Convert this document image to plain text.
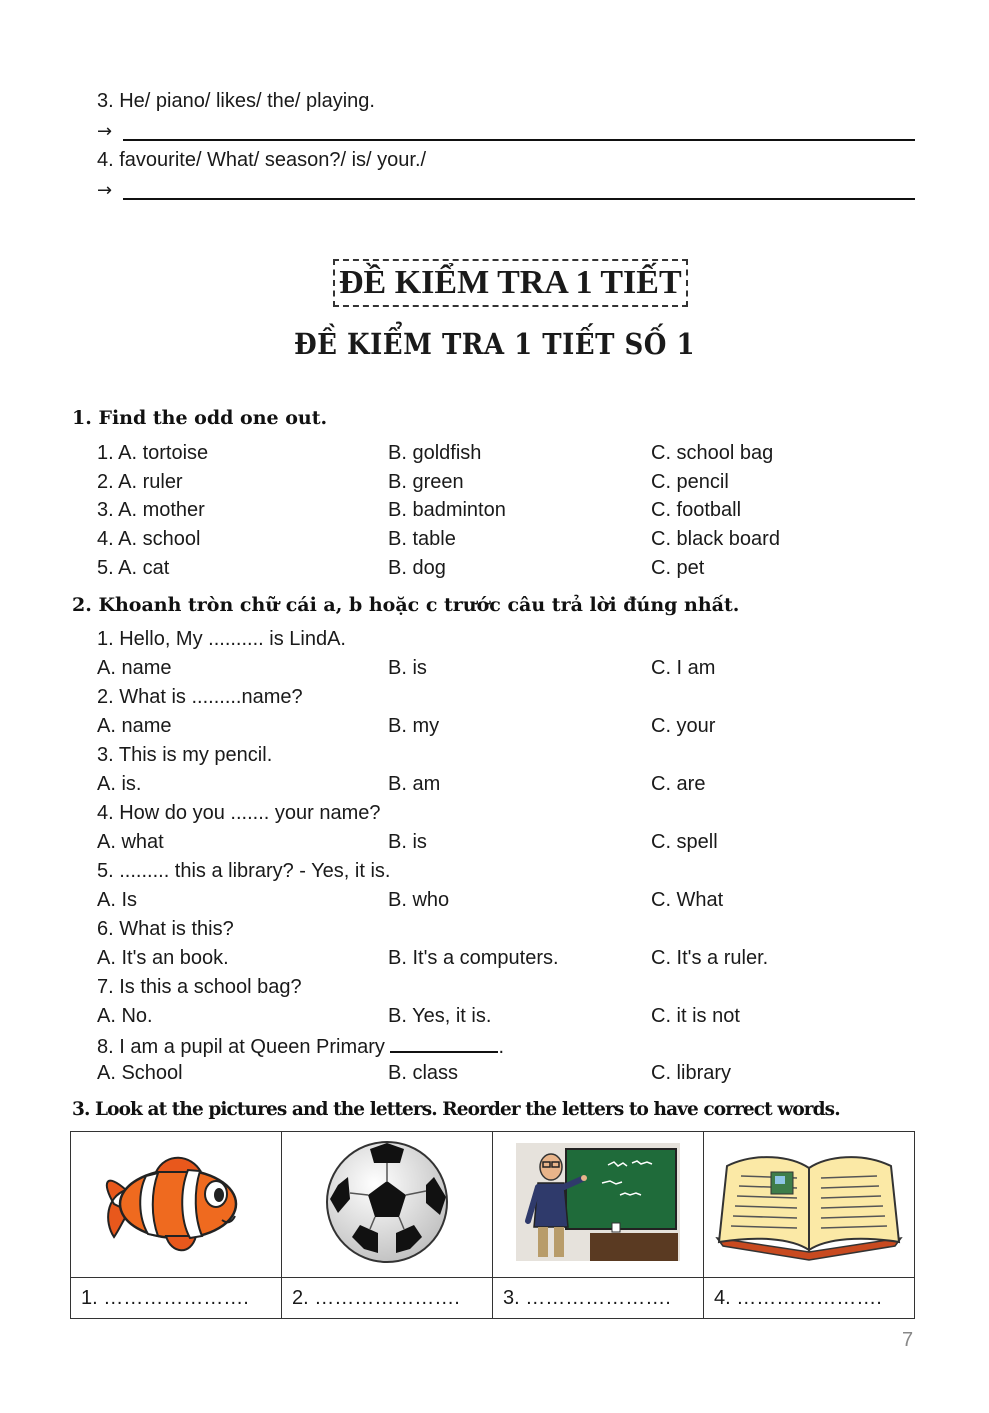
3. He/ piano/ likes/ the/ playing.
→
4. favourite/ What/ season?/ is/ your./
→
ĐỀ KIỂM TRA 1 TIẾT
ĐỀ KIỂM TRA 1 TIẾT SỐ 1
1. Find the odd one out.
1. A. tortoise	B. goldfish	C. school bag
2. A. ruler	B. green	C. pencil
3. A. mother	B. badminton	C. football
4. A. school	B. table	C. black board
5. A. cat	B. dog	C. pet
2. Khoanh tròn chữ cái a, b hoặc c trước câu trả lời đúng nhất.
1. Hello, My .......... is LindA.
A. name	B. is	C. I am
2. What is .........name?
A. name	B. my	C. your
3. This is my pencil.
A. is.	B. am	C. are
4. How do you ....... your name?
A. what	B. is	C. spell
5. ......... this a library? - Yes, it is.
A. Is	B. who	C. What
6. What is this?
A. It's an book.	B. It's a computers.	C. It's a ruler.
7. Is this a school bag?
A. No.	B. Yes, it is.	C. it is not
8. I am a pupil at Queen Primary	.
A. School	B. class	C. library
3. Look at the pictures and the letters. Reorder the letters to have correct words.

1. ………………….	2. ………………….	3. ………………….	4. ………………….
7
